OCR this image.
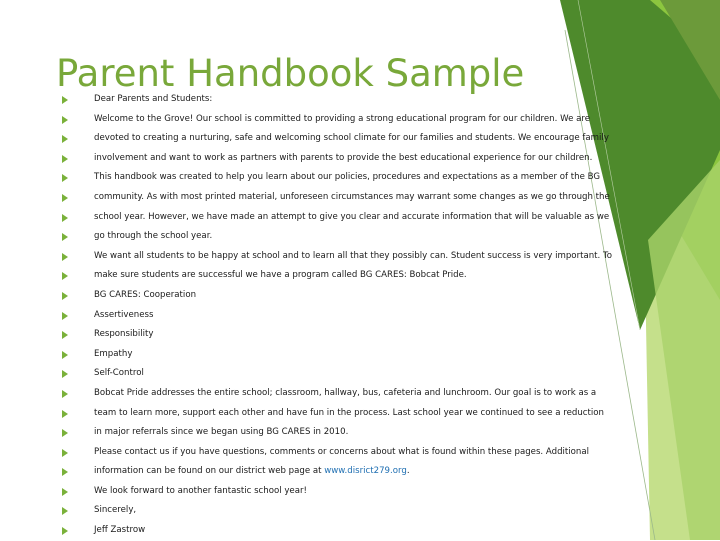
Parent Handbook Sample
Dear Parents and Students:
Welcome to the Grove! Our school is committed to providing a strong educational program for our children. We are
devoted to creating a nurturing, safe and welcoming school climate for our families and students. We encourage family
involvement and want to work as partners with parents to provide the best educational experience for our children.
This handbook was created to help you learn about our policies, procedures and expectations as a member of the BG
community. As with most printed material, unforeseen circumstances may warrant some changes as we go through the
school year. However, we have made an attempt to give you clear and accurate information that will be valuable as we
go through the school year.
We want all students to be happy at school and to learn all that they possibly can. Student success is very important. To
make sure students are successful we have a program called BG CARES: Bobcat Pride.
BG CARES: Cooperation
Assertiveness
Responsibility
Empathy
Self-Control
Bobcat Pride addresses the entire school; classroom, hallway, bus, cafeteria and lunchroom. Our goal is to work as a
team to learn more, support each other and have fun in the process. Last school year we continued to see a reduction
in major referrals since we began using BG CARES in 2010.
Please contact us if you have questions, comments or concerns about what is found within these pages. Additional
information can be found on our district web page at www.disrict279.org.
We look forward to another fantastic school year!
Sincerely,
Jeff Zastrow
